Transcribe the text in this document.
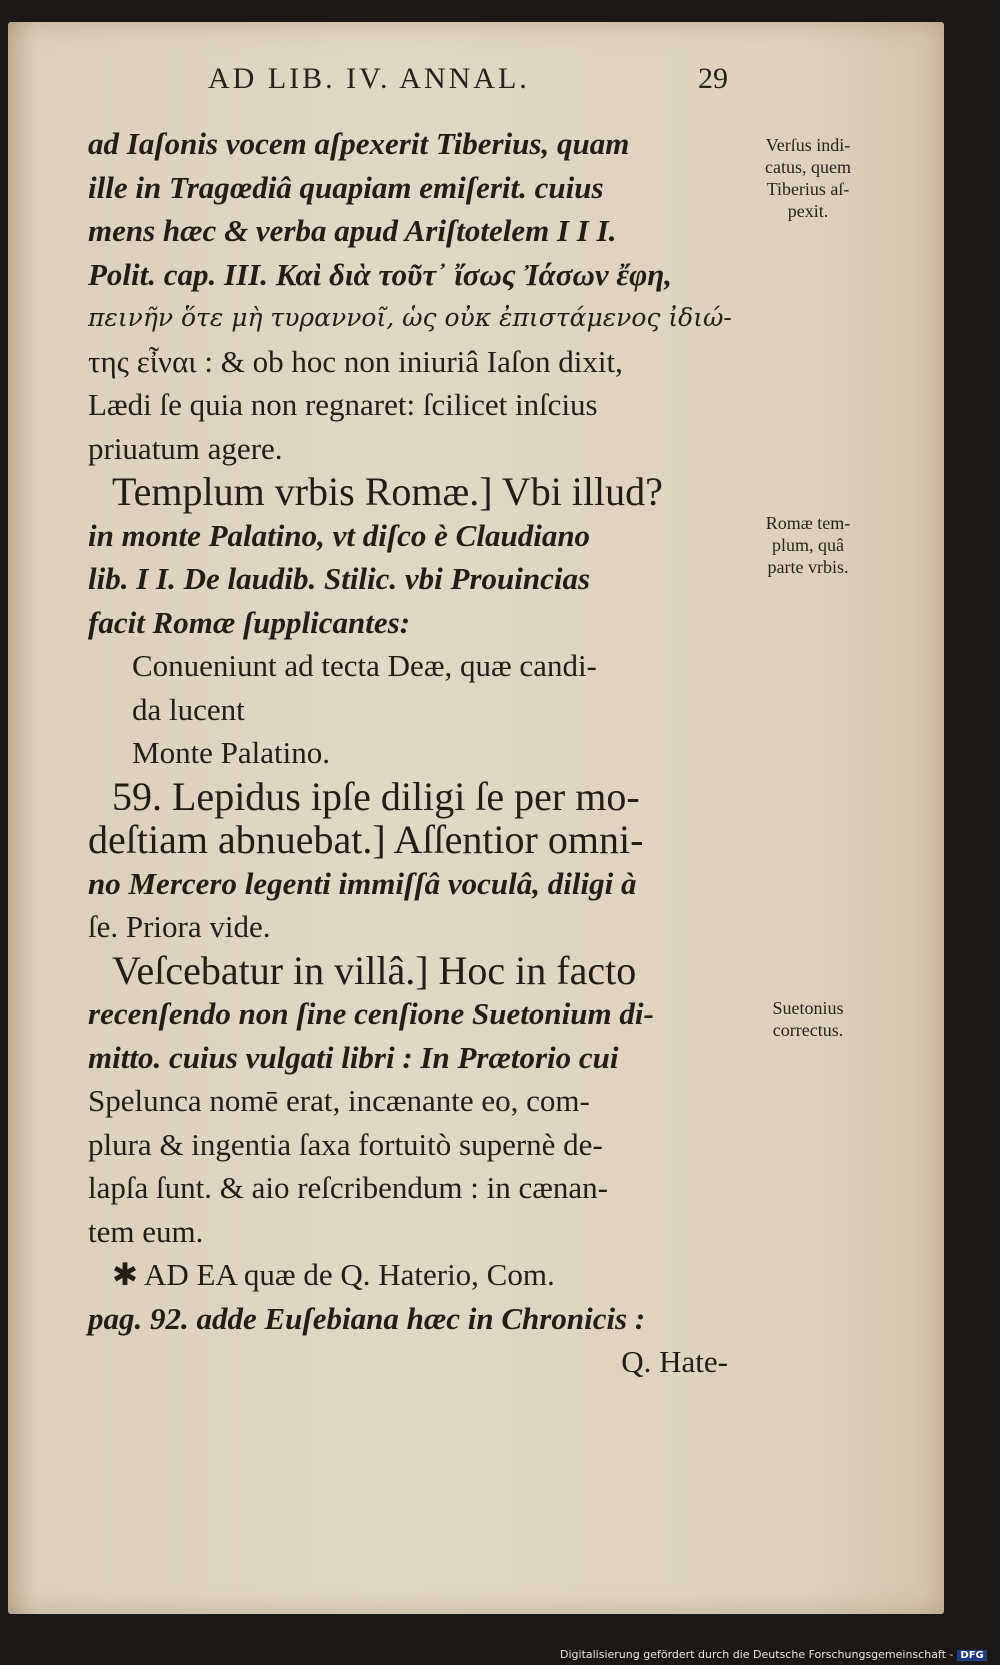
AD LIB. IV. ANNAL.	29
ad Iaſonis vocem aſpexerit Tiberius, quam
ille in Tragœdiâ quapiam emiſerit. cuius
mens hæc & verba apud Ariſtotelem I I I.
Polit. cap. III. Καὶ διὰ τοῦτ᾽ ἴσως Ἰάσων ἔφη,
πεινῆν ὅτε μὴ τυραννοῖ, ὡς οὐκ ἐπιστάμενος ἰδιώ-
της εἶναι : & ob hoc non iniuriâ Iaſon dixit,
Lædi ſe quia non regnaret: ſcilicet inſcius
priuatum agere.
Templum vrbis Romæ.] Vbi illud?
in monte Palatino, vt diſco è Claudiano
lib. I I. De laudib. Stilic. vbi Prouincias
facit Romæ ſupplicantes:
Conueniunt ad tecta Deæ, quæ candi-
da lucent
Monte Palatino.
59. Lepidus ipſe diligi ſe per mo-
deſtiam abnuebat.] Aſſentior omni-
no Mercero legenti immiſſâ voculâ, diligi à
ſe. Priora vide.
Veſcebatur in villâ.] Hoc in facto
recenſendo non ſine cenſione Suetonium di-
mitto. cuius vulgati libri : In Prætorio cui
Spelunca nomē erat, incænante eo, com-
plura & ingentia ſaxa fortuitò supernè de-
lapſa ſunt. & aio reſcribendum : in cænan-
tem eum.
✱ AD EA quæ de Q. Haterio, Com.
pag. 92. adde Euſebiana hæc in Chronicis :
Q. Hate-
Verſus indi-
catus, quem
Tiberius aſ-
pexit.
Romæ tem-
plum, quâ
parte vrbis.
Suetonius
correctus.
Digitalisierung gefördert durch die Deutsche Forschungsgemeinschaft - DFG
